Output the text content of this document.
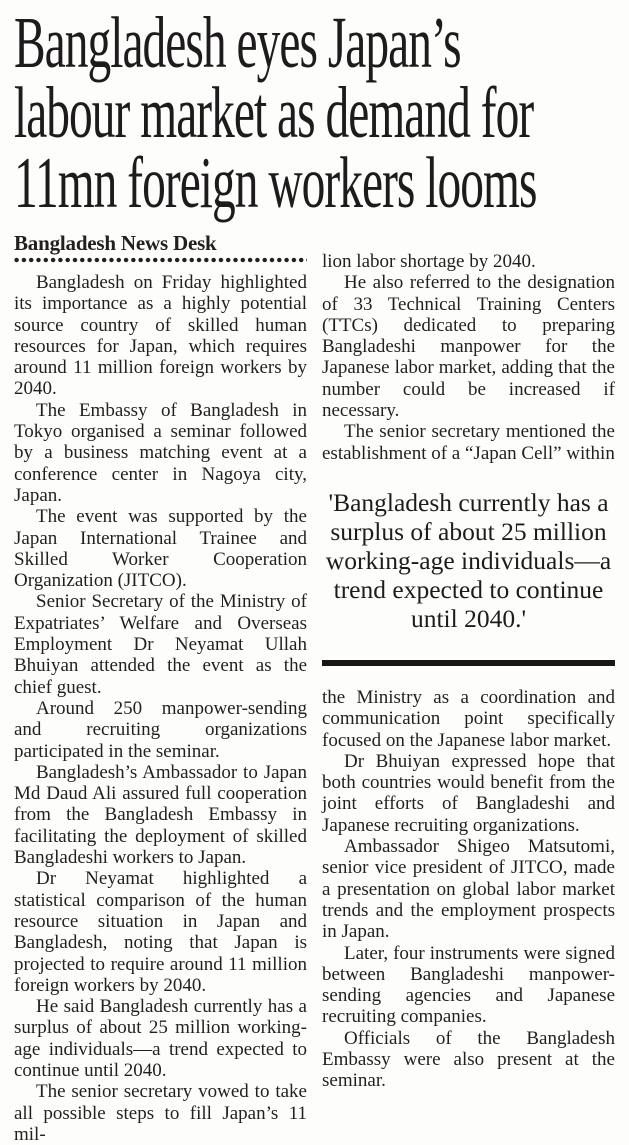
Bangladesh eyes Japan’s
labour market as demand for
11mn foreign workers looms
Bangladesh News Desk

Bangladesh on Friday highlighted its importance as a highly potential source country of skilled human resources for Japan, which requires around 11 million foreign workers by 2040.

The Embassy of Bangladesh in Tokyo organised a seminar followed by a business matching event at a conference center in Nagoya city, Japan.

The event was supported by the Japan International Trainee and Skilled Worker Cooperation Organization (JITCO).

Senior Secretary of the Ministry of Expatriates’ Welfare and Overseas Employment Dr Neyamat Ullah Bhuiyan attended the event as the chief guest.

Around 250 manpower-sending and recruiting organizations participated in the seminar.

Bangladesh’s Ambassador to Japan Md Daud Ali assured full cooperation from the Bangladesh Embassy in facilitating the deployment of skilled Bangladeshi workers to Japan.

Dr Neyamat highlighted a statistical comparison of the human resource situation in Japan and Bangladesh, noting that Japan is projected to require around 11 million foreign workers by 2040.

He said Bangladesh currently has a surplus of about 25 million working-age individuals—a trend expected to continue until 2040.

The senior secretary vowed to take all possible steps to fill Japan’s 11 mil-

lion labor shortage by 2040.

He also referred to the designation of 33 Technical Training Centers (TTCs) dedicated to preparing Bangladeshi manpower for the Japanese labor market, adding that the number could be increased if necessary.

The senior secretary mentioned the establishment of a “Japan Cell” within

'Bangladesh currently has a surplus of about 25 million working-age individuals—a trend expected to continue until 2040.'

the Ministry as a coordination and communication point specifically focused on the Japanese labor market.

Dr Bhuiyan expressed hope that both countries would benefit from the joint efforts of Bangladeshi and Japanese recruiting organizations.

Ambassador Shigeo Matsutomi, senior vice president of JITCO, made a presentation on global labor market trends and the employment prospects in Japan.

Later, four instruments were signed between Bangladeshi manpower-sending agencies and Japanese recruiting companies.

Officials of the Bangladesh Embassy were also present at the seminar.
